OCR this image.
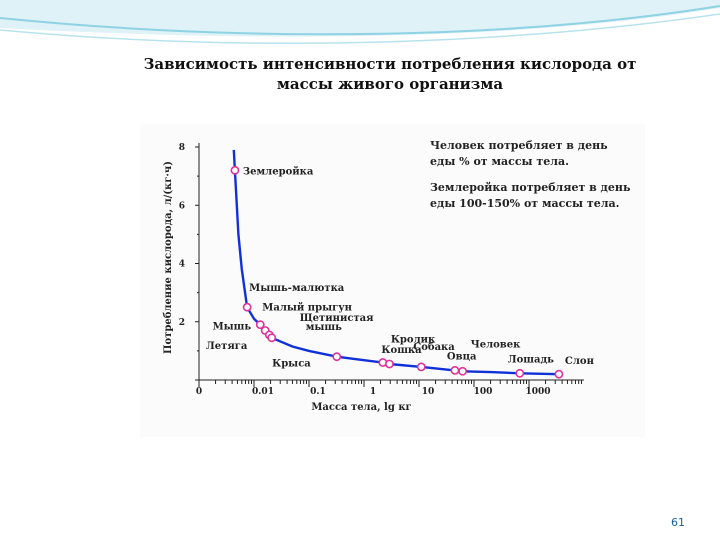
Зависимость интенсивности потребления кислорода от
массы живого организма
2
4
6
8
0	0.01	0.1	1	10	100	1000
Масса тела, lg кг
Потребление кислорода, л/(кг·ч)	Землеройка
Мышь-малютка
Малый прыгун
Мышь
Летяга
Щетинистая
мышь
Крыса
Кролик
Кошка
Собака
Овца
Человек
Лошадь Слон
Человек потребляет в день
еды % от массы тела.
Землеройка потребляет в день
еды 100-150% от массы тела.
61
